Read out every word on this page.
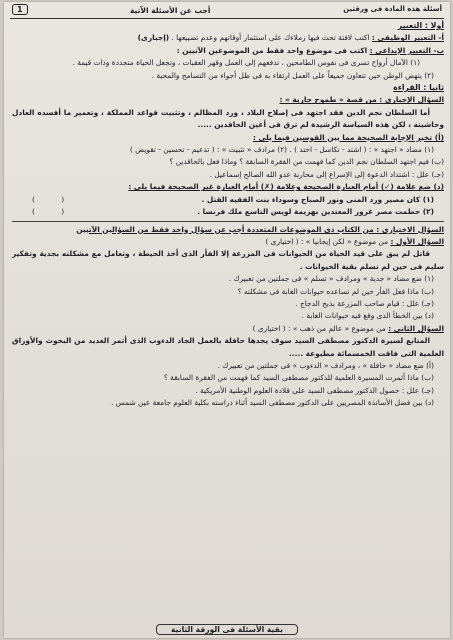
أسئلة هذه المادة فى ورقتين
أجب عن الأسئلة الآتية
1
أولا : التعبير
أ- التعبير الوظيفى : اكتب لافتة تحث فيها زملاءك على استثمار أوقاتهم وعدم تضييعها . (إجبارى)
ب- التعبير الإبداعى : اكتب فى موضوع واحد فقط من الموضوعين الآتيين :
(١) الآمال أرواح تسرى فى نفوس الطامحين ، تدفعهم إلى العمل وقهر العقبات ، وتجعل الحياة متجددة وذات قيمة .
(٢) يتهض الوطن حين تتعاون جميعاً على العمل ارتقاء به فى ظل أجواء من التسامح والمحبة .
ثانيا : القراءة
السؤال الإجبارى : من قصة « طموح جارية » :
أما السلطان نجم الدين فقد اجتهد فى إصلاح البلاد ، ورد المظالم ، وتثبيت قواعد المملكة ، وتعمير ما أفسده العادل وحاشيته ، لكن هذه السياسة الرشيدة لم ترق فى أعين الحاقدين .....
(أ) تخير الإجابة الصحيحة مما بين القوسين فيما يلى :
(١) مضاد « اجتهد » : ( اشتد - تكاسل - احتد ) . (٢) مرادف « تثبيت » : ( تدعيم - تحسين - تقويض )
(ب) فيم اجتهد السلطان نجم الدين كما فهمت من الفقرة السابقة ؟ وماذا فعل بالحاقدين ؟
(جـ) علل : اشتداد الدعوة إلى الإسراع إلى محاربة عدو الله الصالح إسماعيل .
(د) ضع علامة (✓) أمام العبارة الصحيحة وعلامة (✗) أمام العبارة غير الصحيحة فيما يلى :
(١) كان مصير ورد المنى ونور الصباح وسوداء بنت الفقيه القتل .
( )
(٢) حطمت مصر غرور المعتدين بهزيمة لويس التاسع ملك فرنسا .
( )
السؤال الاختيارى : من الكتاب ذى الموضوعات المتعددة أجب عن سؤال واحد فقط من السؤالين الآتيين
السؤال الأول : من موضوع « لكن إيجابيا » : ( اختيارى )
قاتل لم يبق على قيد الحياة من الحيوانات فى المزرعة إلا الفأر الذى أخذ الحيطة ، وتعامل مع مشكلته بجدية وتفكير سليم فى حين لم تسلم بقية الحيوانات .
(١) ضع مضاد « جدية » ومرادف « تسلم » فى جملتين من تعبيرك .
(ب) ماذا فعل الفأر حين لم تساعده حيوانات الغابة فى مشكلته ؟
(جـ) علل : قيام صاحب المزرعة بذبح الدجاج .
(د) بين الخطأ الذى وقع فيه حيوانات الغابة .
السؤال الثانى : من موضوع « عالم من ذهب » : ( اختيارى )
المتابع لسيرة الدكتور مصطفى السيد سوف يجدها حافلة بالعمل الجاد الدءوب الذى أثمر العديد من البحوث والأوراق العلمية التى فاقت الخمسمائة مطبوعة .....
(أ) ضع مضاد « حافلة » ، ومرادف « الدءوب » فى جملتين من تعبيرك .
(ب) ماذا أثمرت المسيرة العلمية للدكتور مصطفى السيد كما فهمت من الفقرة السابقة ؟
(جـ) علل : حصول الدكتور مصطفى السيد على قلادة العلوم الوطنية الأمريكية .
(د) بين فضل الأساتذة المصريين على الدكتور مصطفى السيد أثناء دراسته بكلية العلوم جامعة عين شمس .
بقية الأسئلة فى الورقة الثانية
